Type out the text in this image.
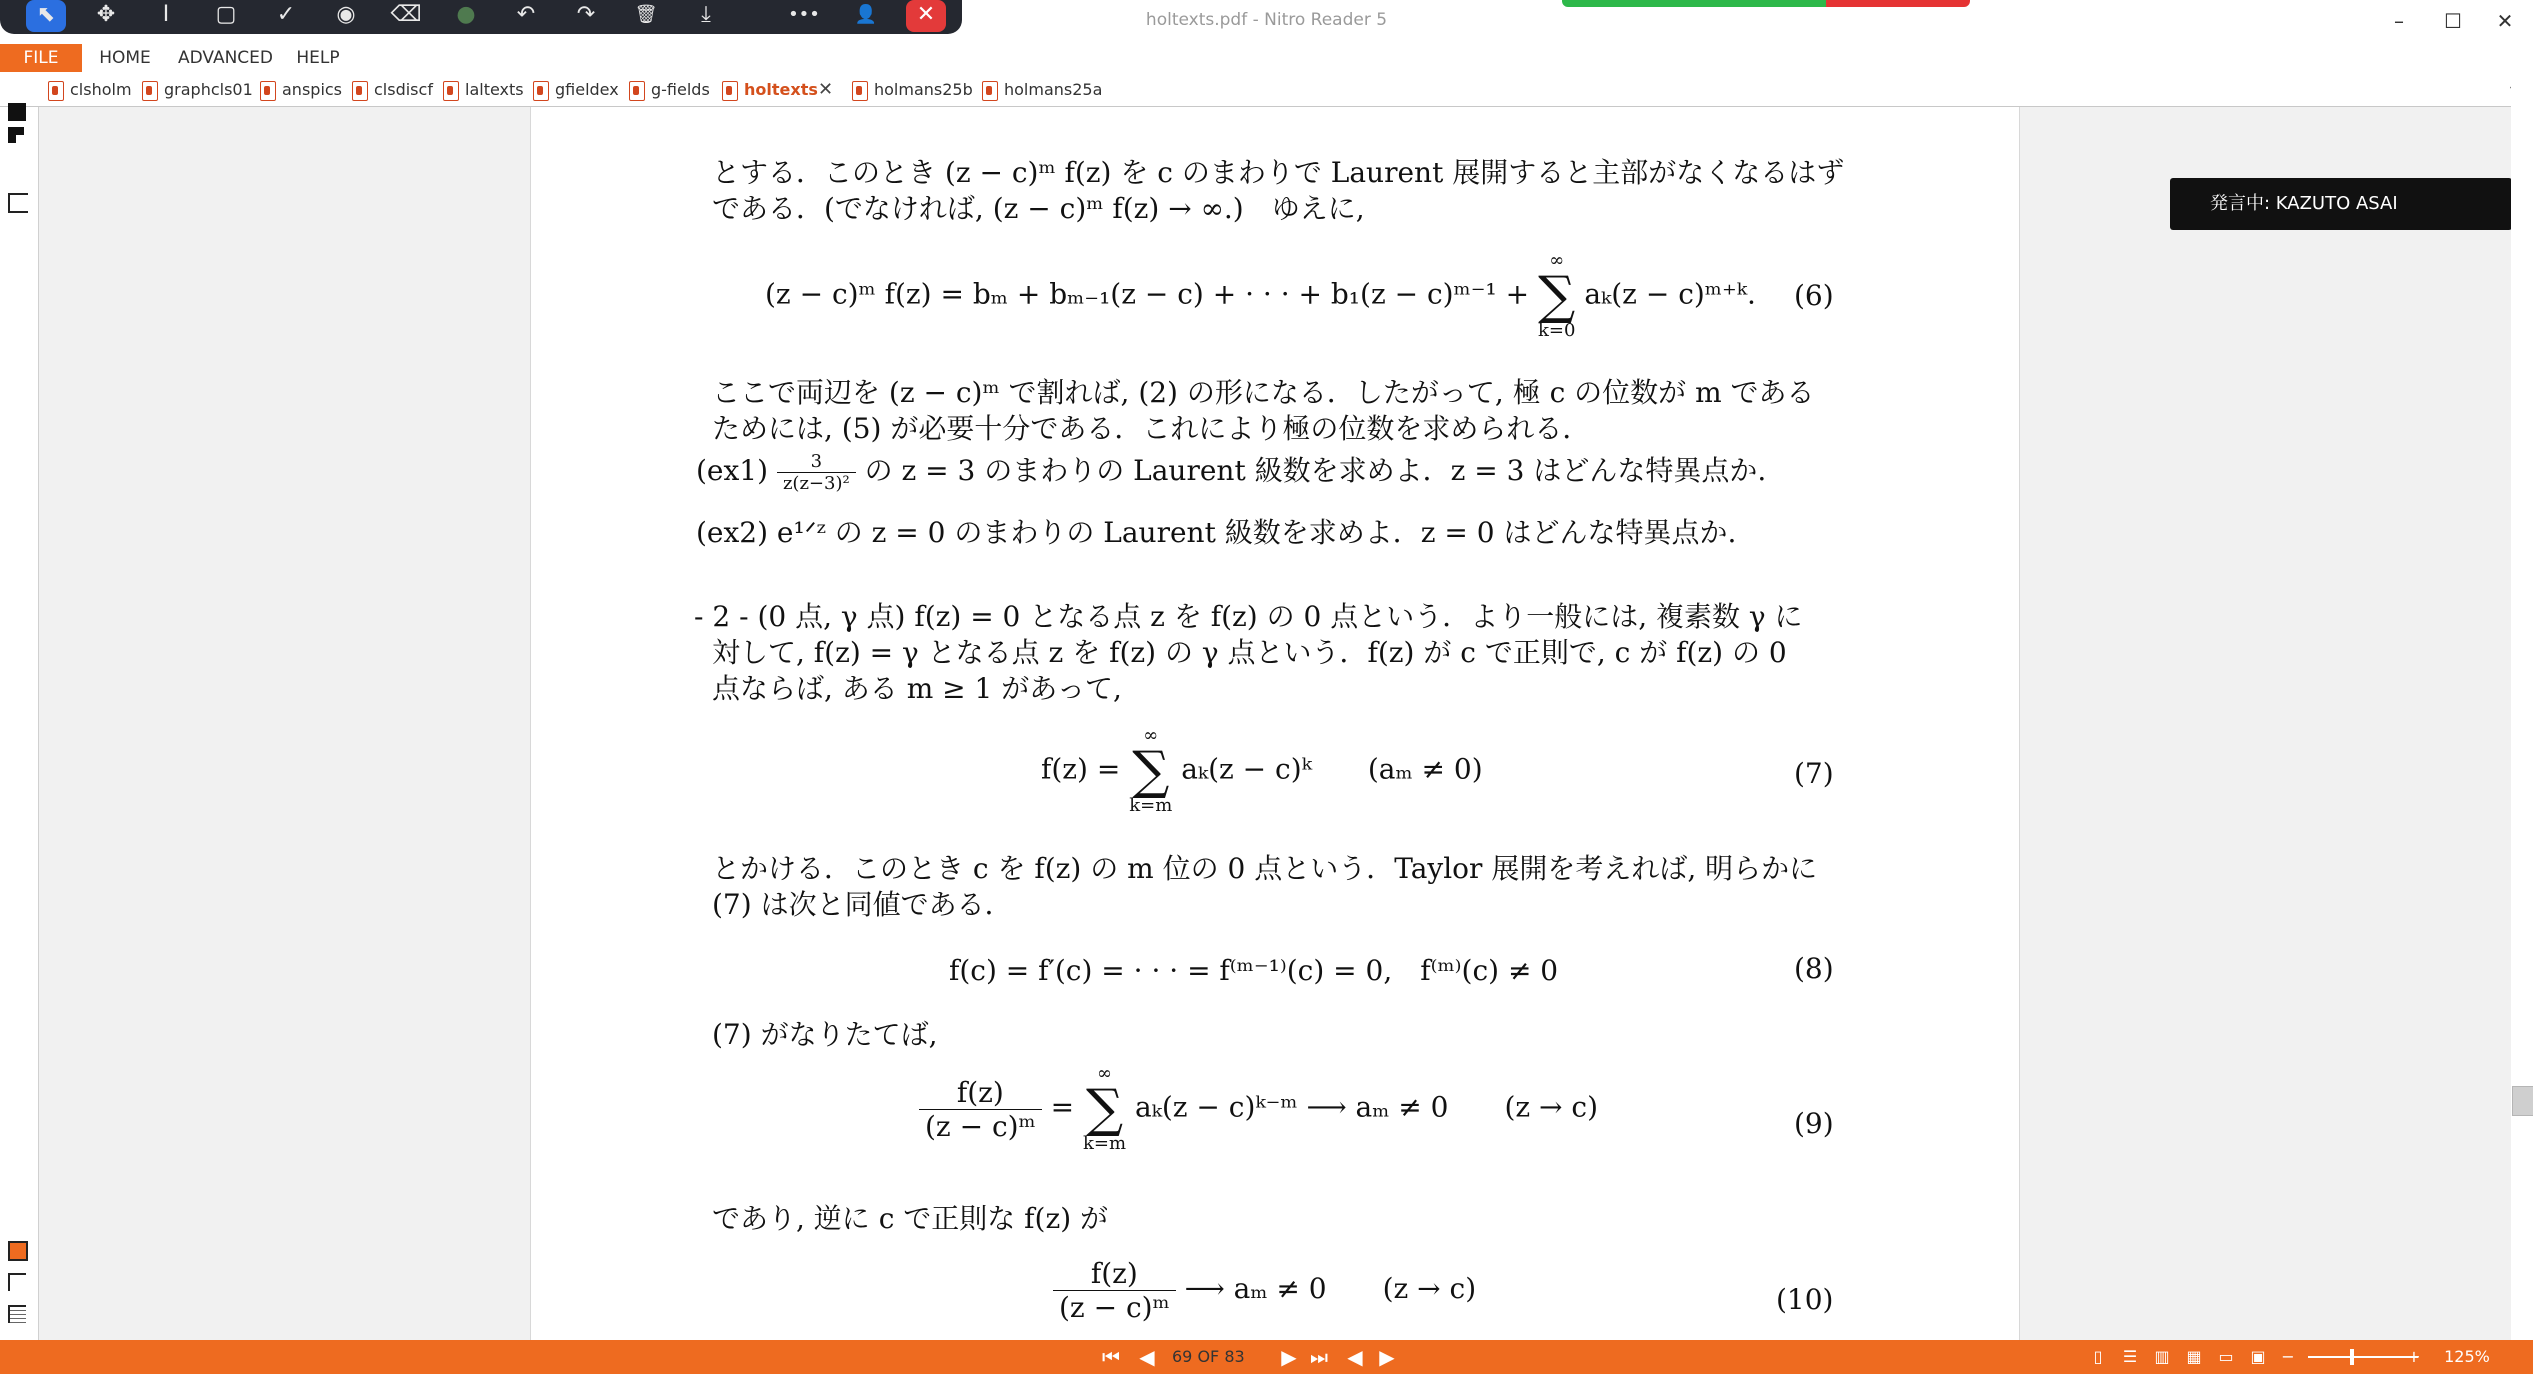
holtexts.pdf - Nitro Reader 5	–	☐	✕
⬉	✥	I	▢	✓	◉	⌫	●	↶	↷	🗑	⤓	•••	👤	✕
FILE	HOME ADVANCED HELP
clsholm	graphcls01	anspics	clsdiscf	laltexts	gfieldex	g-fields	holtexts ✕	holmans25b	holmans25a
とする．このとき (z − c)ᵐ f(z) を c のまわりで Laurent 展開すると主部がなくなるはず
である．(でなければ, (z − c)ᵐ f(z) → ∞.)　ゆえに,
(z − c)ᵐ f(z) = bₘ + bₘ₋₁(z − c) + · · · + b₁(z − c)ᵐ⁻¹ +
∞
∑
k=0
aₖ(z − c)ᵐ⁺ᵏ. (6)
ここで両辺を (z − c)ᵐ で割れば, (2) の形になる．したがって, 極 c の位数が m である
ためには, (5) が必要十分である．これにより極の位数を求められる．
$(ex1) \frac{3}{\text{z(z−3)²}}$ の z = 3 のまわりの Laurent 級数を求めよ．z = 3 はどんな特異点か.
(ex2) e¹ᐟᶻ の z = 0 のまわりの Laurent 級数を求めよ．z = 0 はどんな特異点か.
- 2 - (0 点, γ 点) f(z) = 0 となる点 z を f(z) の 0 点という．より一般には, 複素数 γ に
対して, f(z) = γ となる点 z を f(z) の γ 点という．f(z) が c で正則で, c が f(z) の 0
点ならば, ある m ≥ 1 があって,
f(z) =
∞
∑
k=m
aₖ(z − c)ᵏ　　(aₘ ≠ 0)	(7)
とかける．このとき c を f(z) の m 位の 0 点という．Taylor 展開を考えれば, 明らかに
(7) は次と同値である．
f(c) = f′(c) = · · · = f⁽ᵐ⁻¹⁾(c) = 0,　f⁽ᵐ⁾(c) ≠ 0	(8)
(7) がなりたてば,
$\frac{f(z)}{\text{(z − c)ᵐ}}$ =
∞
∑
k=m
aₖ(z − c)ᵏ⁻ᵐ ⟶ aₘ ≠ 0　　(z → c)	(9)
であり, 逆に c で正則な f(z) が
$\frac{f(z)}{\text{(z − c)ᵐ}}$ ⟶ aₘ ≠ 0　　(z → c)	(10)
発言中: KAZUTO ASAI
⏮ ◀	69 OF 83 ▶ ⏭ ◀ ▶	▯	☰	▥ ▦ ▭ ▣ −	+ 125%
